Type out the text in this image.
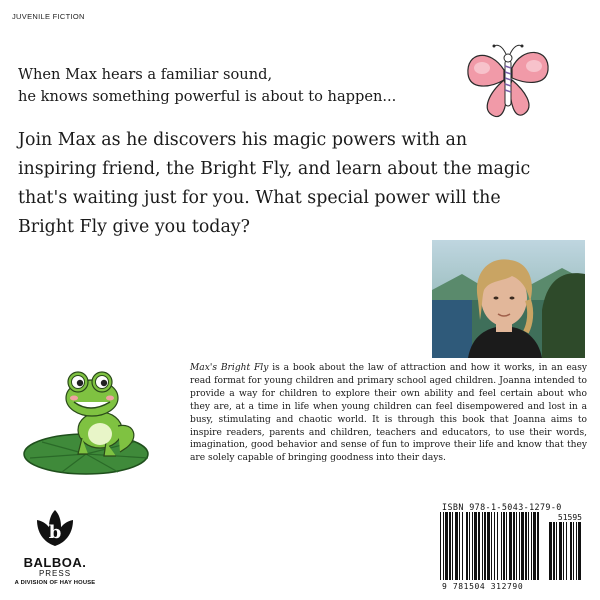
JUVENILE FICTION
When Max hears a familiar sound,
he knows something powerful is about to happen...
Join Max as he discovers his magic powers with an
inspiring friend, the Bright Fly, and learn about the magic
that's waiting just for you. What special power will the
Bright Fly give you today?
Max's Bright Fly is a book about the law of attraction and how it works, in an easy read format for young children and primary school aged children. Joanna intended to provide a way for children to explore their own ability and feel certain about who they are, at a time in life when young children can feel disempowered and lost in a busy, stimulating and chaotic world. It is through this book that Joanna aims to inspire readers, parents and children, teachers and educators, to use their words, imagination, good behavior and sense of fun to improve their life and know that they are solely capable of bringing goodness into their days.
b
BALBOA.
PRESS
A DIVISION OF HAY HOUSE
ISBN 978-1-5043-1279-0
51595
9 781504 312790
